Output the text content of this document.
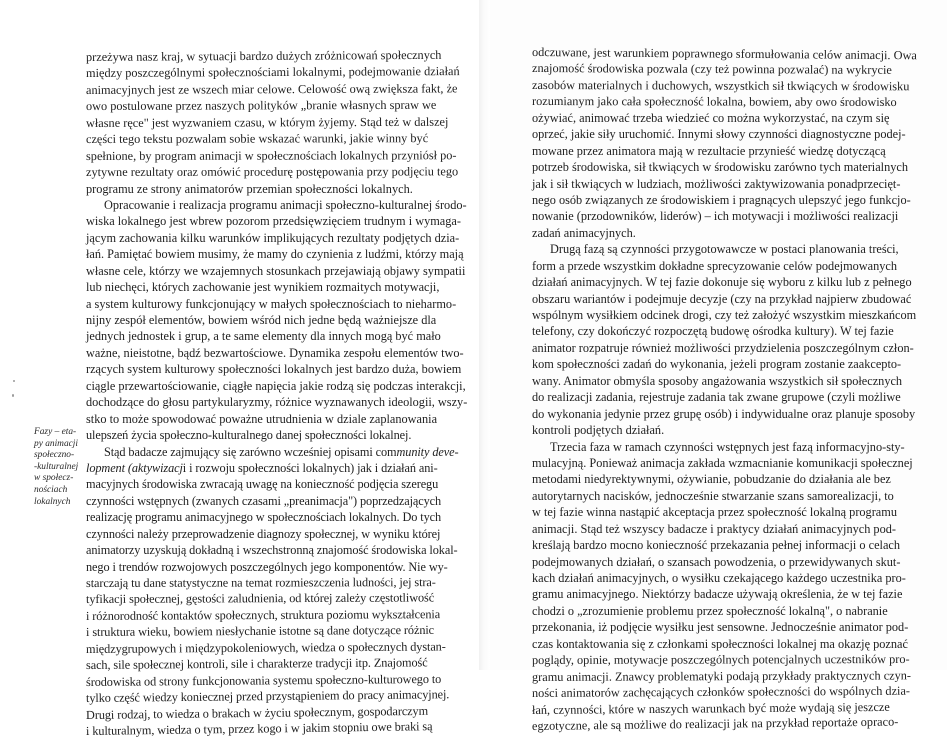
przeżywa nasz kraj, w sytuacji bardzo dużych zróżnicowań społecznych
między poszczególnymi społecznościami lokalnymi, podejmowanie działań
animacyjnych jest ze wszech miar celowe. Celowość ową zwiększa fakt, że
owo postulowane przez naszych polityków „branie własnych spraw we
własne ręce" jest wyzwaniem czasu, w którym żyjemy. Stąd też w dalszej
części tego tekstu pozwalam sobie wskazać warunki, jakie winny być
spełnione, by program animacji w społecznościach lokalnych przyniósł po-
zytywne rezultaty oraz omówić procedurę postępowania przy podjęciu tego
programu ze strony animatorów przemian społeczności lokalnych.
Opracowanie i realizacja programu animacji społeczno-kulturalnej środo-
wiska lokalnego jest wbrew pozorom przedsięwzięciem trudnym i wymaga-
jącym zachowania kilku warunków implikujących rezultaty podjętych dzia-
łań. Pamiętać bowiem musimy, że mamy do czynienia z ludźmi, którzy mają
własne cele, którzy we wzajemnych stosunkach przejawiają objawy sympatii
lub niechęci, których zachowanie jest wynikiem rozmaitych motywacji,
a system kulturowy funkcjonujący w małych społecznościach to nieharmo-
nijny zespół elementów, bowiem wśród nich jedne będą ważniejsze dla
jednych jednostek i grup, a te same elementy dla innych mogą być mało
ważne, nieistotne, bądź bezwartościowe. Dynamika zespołu elementów two-
rzących system kulturowy społeczności lokalnych jest bardzo duża, bowiem
ciągle przewartościowanie, ciągłe napięcia jakie rodzą się podczas interakcji,
dochodzące do głosu partykularyzmy, różnice wyznawanych ideologii, wszy-
stko to może spowodować poważne utrudnienia w dziale zaplanowania
ulepszeń życia społeczno-kulturalnego danej społeczności lokalnej.
Stąd badacze zajmujący się zarówno wcześniej opisami community deve-
lopment (aktywizacji i rozwoju społeczności lokalnych) jak i działań ani-
macyjnych środowiska zwracają uwagę na konieczność podjęcia szeregu
czynności wstępnych (zwanych czasami „preanimacja") poprzedzających
realizację programu animacyjnego w społecznościach lokalnych. Do tych
czynności należy przeprowadzenie diagnozy społecznej, w wyniku której
animatorzy uzyskują dokładną i wszechstronną znajomość środowiska lokal-
nego i trendów rozwojowych poszczególnych jego komponentów. Nie wy-
starczają tu dane statystyczne na temat rozmieszczenia ludności, jej stra-
tyfikacji społecznej, gęstości zaludnienia, od której zależy częstotliwość
i różnorodność kontaktów społecznych, struktura poziomu wykształcenia
i struktura wieku, bowiem niesłychanie istotne są dane dotyczące różnic
międzygrupowych i międzypokoleniowych, wiedza o społecznych dystan-
sach, sile społecznej kontroli, sile i charakterze tradycji itp. Znajomość
środowiska od strony funkcjonowania systemu społeczno-kulturowego to
tylko część wiedzy koniecznej przed przystąpieniem do pracy animacyjnej.
Drugi rodzaj, to wiedza o brakach w życiu społecznym, gospodarczym
i kulturalnym, wiedza o tym, przez kogo i w jakim stopniu owe braki są
Fazy – eta-
py animacji
społeczno-
-kulturalnej
w społecz-
nościach
lokalnych
odczuwane, jest warunkiem poprawnego sformułowania celów animacji. Owa
znajomość środowiska pozwala (czy też powinna pozwalać) na wykrycie
zasobów materialnych i duchowych, wszystkich sił tkwiących w środowisku
rozumianym jako cała społeczność lokalna, bowiem, aby owo środowisko
ożywiać, animować trzeba wiedzieć co można wykorzystać, na czym się
oprzeć, jakie siły uruchomić. Innymi słowy czynności diagnostyczne podej-
mowane przez animatora mają w rezultacie przynieść wiedzę dotyczącą
potrzeb środowiska, sił tkwiących w środowisku zarówno tych materialnych
jak i sił tkwiących w ludziach, możliwości zaktywizowania ponadprzecięt-
nego osób związanych ze środowiskiem i pragnących ulepszyć jego funkcjo-
nowanie (przodowników, liderów) – ich motywacji i możliwości realizacji
zadań animacyjnych.
Drugą fazą są czynności przygotowawcze w postaci planowania treści,
form a przede wszystkim dokładne sprecyzowanie celów podejmowanych
działań animacyjnych. W tej fazie dokonuje się wyboru z kilku lub z pełnego
obszaru wariantów i podejmuje decyzje (czy na przykład najpierw zbudować
wspólnym wysiłkiem odcinek drogi, czy też założyć wszystkim mieszkańcom
telefony, czy dokończyć rozpoczętą budowę ośrodka kultury). W tej fazie
animator rozpatruje również możliwości przydzielenia poszczególnym człon-
kom społeczności zadań do wykonania, jeżeli program zostanie zaakcepto-
wany. Animator obmyśla sposoby angażowania wszystkich sił społecznych
do realizacji zadania, rejestruje zadania tak zwane grupowe (czyli możliwe
do wykonania jedynie przez grupę osób) i indywidualne oraz planuje sposoby
kontroli podjętych działań.
Trzecia faza w ramach czynności wstępnych jest fazą informacyjno-sty-
mulacyjną. Ponieważ animacja zakłada wzmacnianie komunikacji społecznej
metodami niedyrektywnymi, ożywianie, pobudzanie do działania ale bez
autorytarnych nacisków, jednocześnie stwarzanie szans samorealizacji, to
w tej fazie winna nastąpić akceptacja przez społeczność lokalną programu
animacji. Stąd też wszyscy badacze i praktycy działań animacyjnych pod-
kreślają bardzo mocno konieczność przekazania pełnej informacji o celach
podejmowanych działań, o szansach powodzenia, o przewidywanych skut-
kach działań animacyjnych, o wysiłku czekającego każdego uczestnika pro-
gramu animacyjnego. Niektórzy badacze używają określenia, że w tej fazie
chodzi o „zrozumienie problemu przez społeczność lokalną", o nabranie
przekonania, iż podjęcie wysiłku jest sensowne. Jednocześnie animator pod-
czas kontaktowania się z członkami społeczności lokalnej ma okazję poznać
poglądy, opinie, motywacje poszczególnych potencjalnych uczestników pro-
gramu animacji. Znawcy problematyki podają przykłady praktycznych czyn-
ności animatorów zachęcających członków społeczności do wspólnych dzia-
łań, czynności, które w naszych warunkach być może wydają się jeszcze
egzotyczne, ale są możliwe do realizacji jak na przykład reportaże opraco-
